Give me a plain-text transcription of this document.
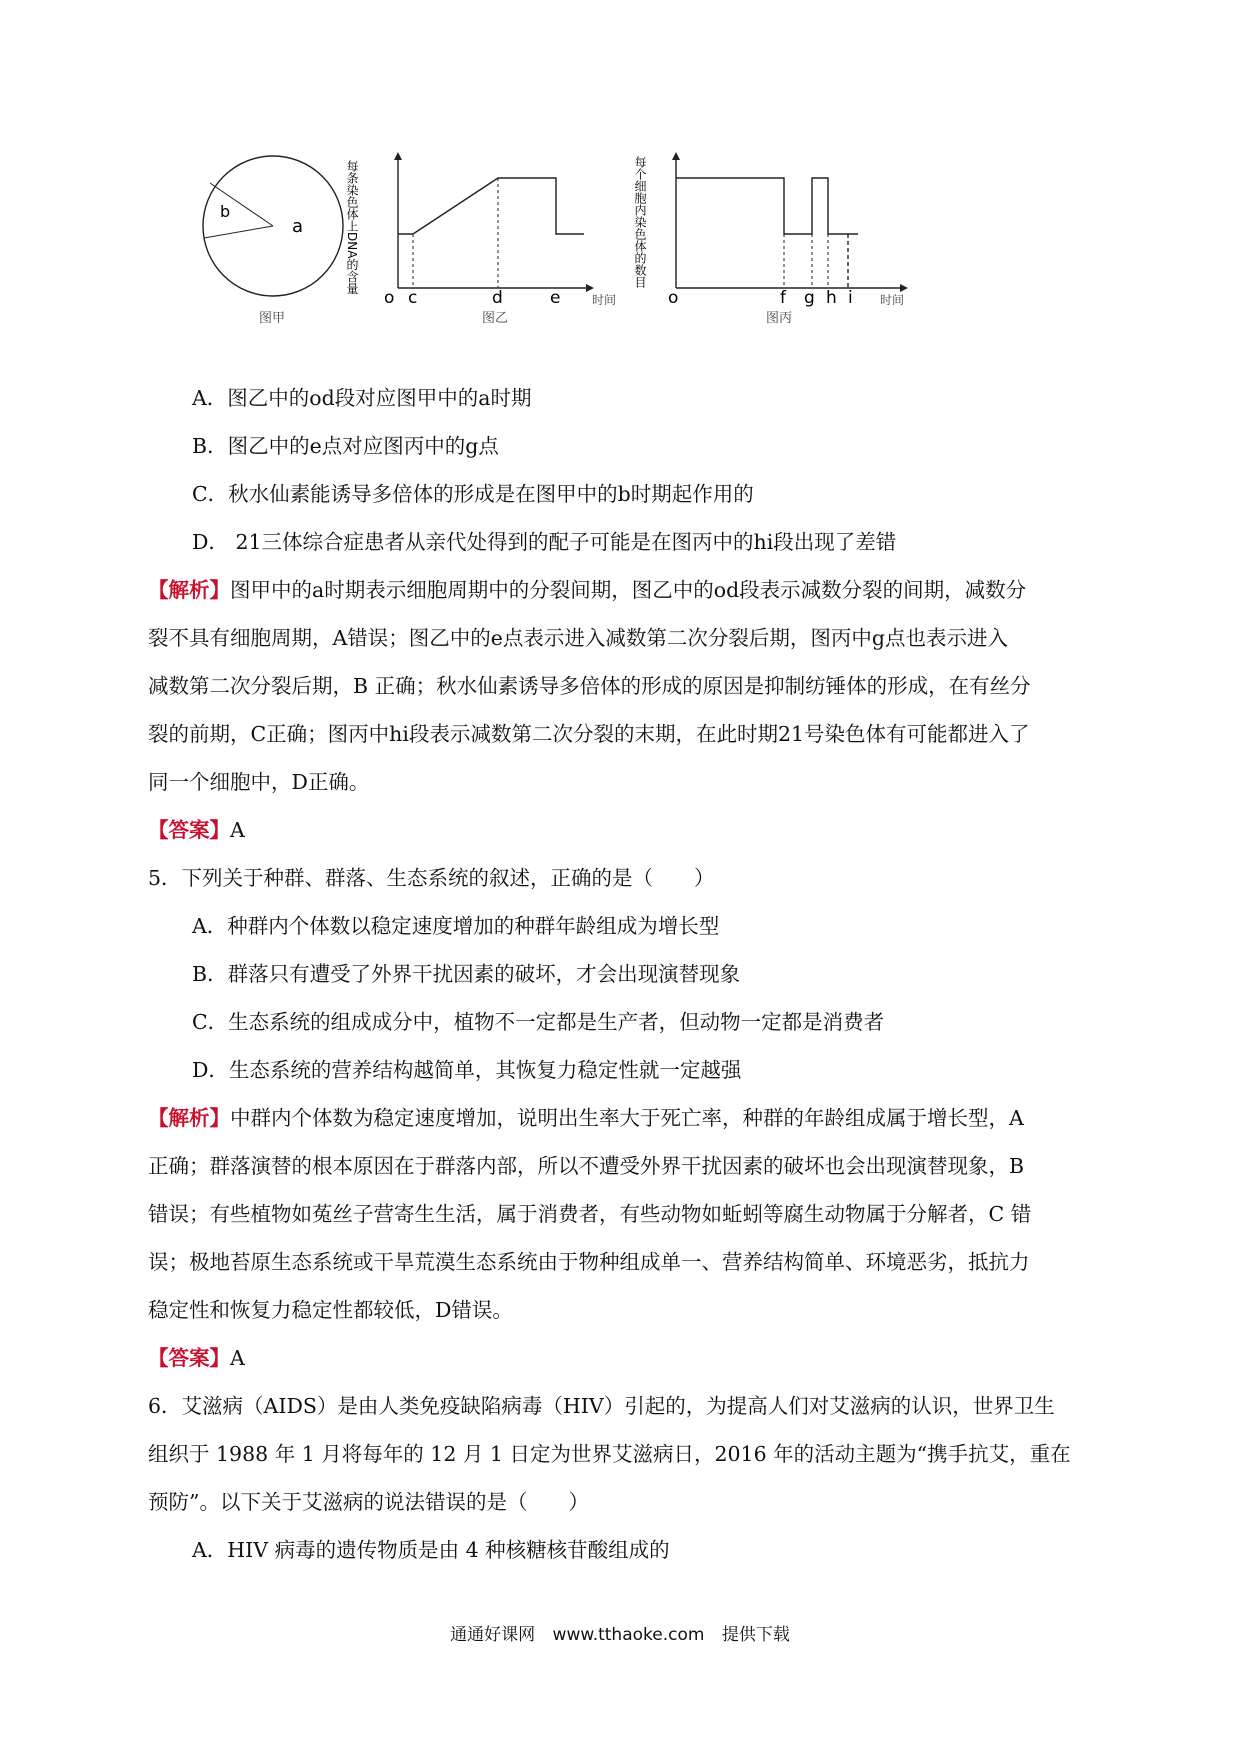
a
b
图甲
每条染色体上DNA的含量
o c	d	e	时间
图乙
每个细胞内染色体的数目
o	f g h i 时间
图丙
A．图乙中的od段对应图甲中的a时期
B．图乙中的e点对应图丙中的g点
C．秋水仙素能诱导多倍体的形成是在图甲中的b时期起作用的
D． 21三体综合症患者从亲代处得到的配子可能是在图丙中的hi段出现了差错
【解析】图甲中的a时期表示细胞周期中的分裂间期，图乙中的od段表示减数分裂的间期，减数分
裂不具有细胞周期，A错误；图乙中的e点表示进入减数第二次分裂后期，图丙中g点也表示进入
减数第二次分裂后期，B 正确；秋水仙素诱导多倍体的形成的原因是抑制纺锤体的形成，在有丝分
裂的前期，C正确；图丙中hi段表示减数第二次分裂的末期，在此时期21号染色体有可能都进入了
同一个细胞中，D正确。
【答案】A
5．下列关于种群、群落、生态系统的叙述，正确的是（　　）
A．种群内个体数以稳定速度增加的种群年龄组成为增长型
B．群落只有遭受了外界干扰因素的破坏，才会出现演替现象
C．生态系统的组成成分中，植物不一定都是生产者，但动物一定都是消费者
D．生态系统的营养结构越简单，其恢复力稳定性就一定越强
【解析】中群内个体数为稳定速度增加，说明出生率大于死亡率，种群的年龄组成属于增长型，A
正确；群落演替的根本原因在于群落内部，所以不遭受外界干扰因素的破坏也会出现演替现象，B
错误；有些植物如菟丝子营寄生生活，属于消费者，有些动物如蚯蚓等腐生动物属于分解者，C 错
误；极地苔原生态系统或干旱荒漠生态系统由于物种组成单一、营养结构简单、环境恶劣，抵抗力
稳定性和恢复力稳定性都较低，D错误。
【答案】A
6．艾滋病（AIDS）是由人类免疫缺陷病毒（HIV）引起的，为提高人们对艾滋病的认识，世界卫生
组织于 1988 年 1 月将每年的 12 月 1 日定为世界艾滋病日，2016 年的活动主题为“携手抗艾，重在
预防”。以下关于艾滋病的说法错误的是（　　）
A．HIV 病毒的遗传物质是由 4 种核糖核苷酸组成的
通通好课网 www.tthaoke.com 提供下载
